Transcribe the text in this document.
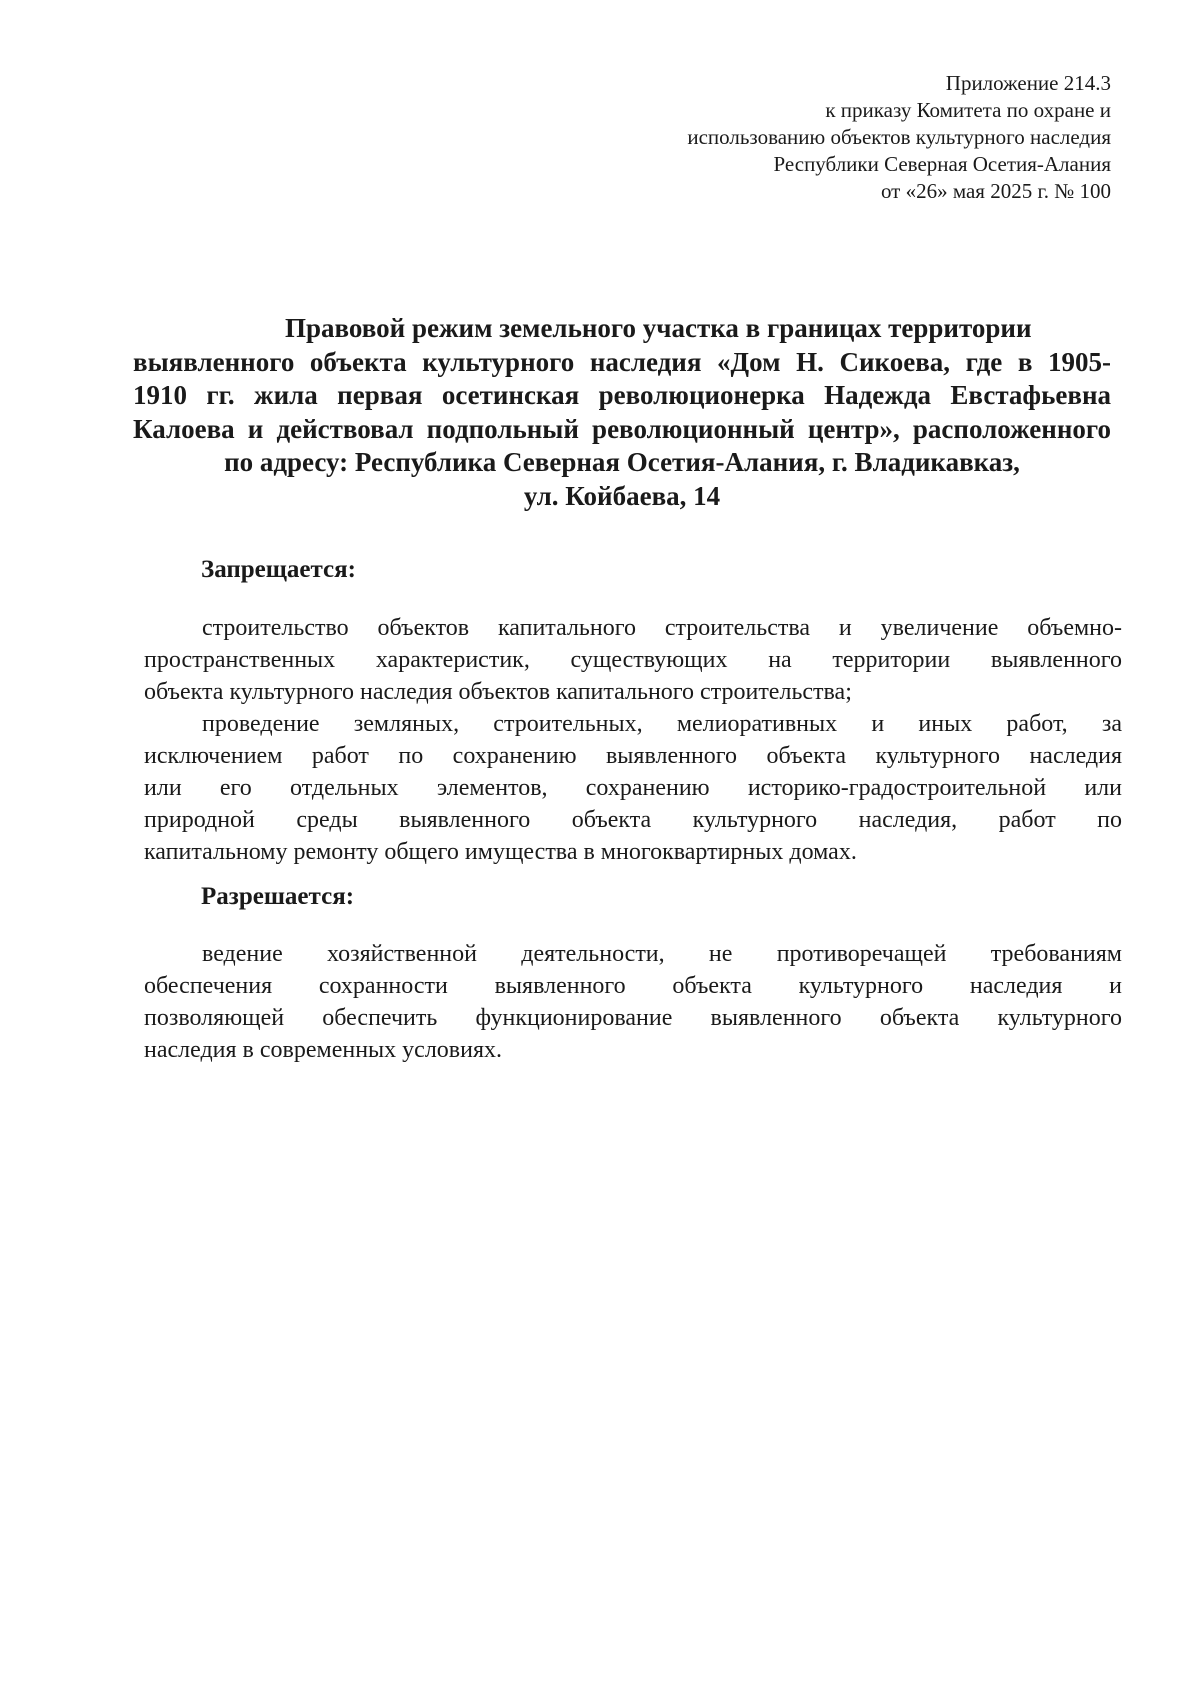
Приложение 214.3
к приказу Комитета по охране и
использованию объектов культурного наследия
Республики Северная Осетия-Алания
от «26» мая 2025 г. № 100
Правовой режим земельного участка в границах территории
выявленного объекта культурного наследия «Дом Н. Сикоева, где в 1905-
1910 гг. жила первая осетинская революционерка Надежда Евстафьевна
Калоева и действовал подпольный революционный центр», расположенного
по адресу: Республика Северная Осетия-Алания, г. Владикавказ,
ул. Койбаева, 14
Запрещается:
строительство объектов капитального строительства и увеличение объемно-
пространственных характеристик, существующих на территории выявленного
объекта культурного наследия объектов капитального строительства;
проведение земляных, строительных, мелиоративных и иных работ, за
исключением работ по сохранению выявленного объекта культурного наследия
или его отдельных элементов, сохранению историко-градостроительной или
природной среды выявленного объекта культурного наследия, работ по
капитальному ремонту общего имущества в многоквартирных домах.
Разрешается:
ведение хозяйственной деятельности, не противоречащей требованиям
обеспечения сохранности выявленного объекта культурного наследия и
позволяющей обеспечить функционирование выявленного объекта культурного
наследия в современных условиях.
